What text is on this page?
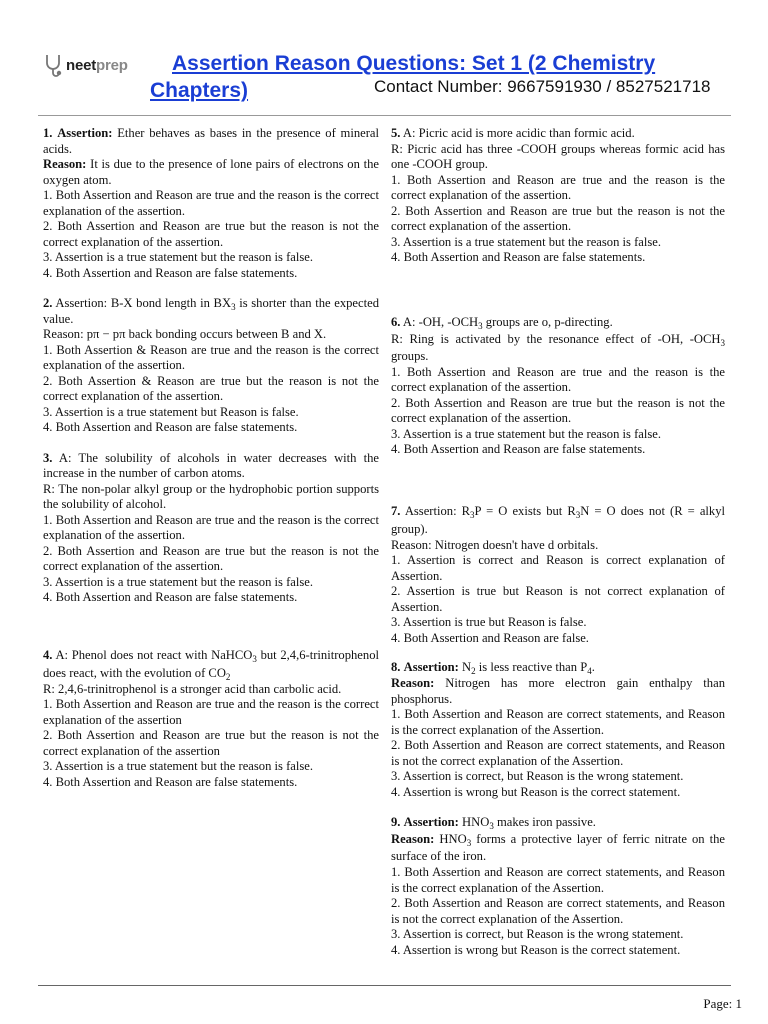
neetprep	Assertion Reason Questions: Set 1 (2 Chemistry
Chapters)	Contact Number: 9667591930 / 8527521718

1. Assertion: Ether behaves as bases in the presence of mineral acids.

Reason: It is due to the presence of lone pairs of electrons on the oxygen atom.

1. Both Assertion and Reason are true and the reason is the correct explanation of the assertion.

2. Both Assertion and Reason are true but the reason is not the correct explanation of the assertion.

3. Assertion is a true statement but the reason is false.

4. Both Assertion and Reason are false statements.

2. Assertion: B-X bond length in $BX_3$ is shorter than the expected value.

Reason: pπ − pπ back bonding occurs between B and X.

1. Both Assertion & Reason are true and the reason is the correct explanation of the assertion.

2. Both Assertion & Reason are true but the reason is not the correct explanation of the assertion.

3. Assertion is a true statement but Reason is false.

4. Both Assertion and Reason are false statements.

3. A: The solubility of alcohols in water decreases with the increase in the number of carbon atoms.

R: The non-polar alkyl group or the hydrophobic portion supports the solubility of alcohol.

1. Both Assertion and Reason are true and the reason is the correct explanation of the assertion.

2. Both Assertion and Reason are true but the reason is not the correct explanation of the assertion.

3. Assertion is a true statement but the reason is false.

4. Both Assertion and Reason are false statements.

4. A: Phenol does not react with NaHCO$_3$ but 2,4,6-trinitrophenol does react, with the evolution of $CO_2$

R: 2,4,6-trinitrophenol is a stronger acid than carbolic acid.

1. Both Assertion and Reason are true and the reason is the correct explanation of the assertion

2. Both Assertion and Reason are true but the reason is not the correct explanation of the assertion

3. Assertion is a true statement but the reason is false.

4. Both Assertion and Reason are false statements.

5. A: Picric acid is more acidic than formic acid.

R: Picric acid has three -COOH groups whereas formic acid has one -COOH group.

1. Both Assertion and Reason are true and the reason is the correct explanation of the assertion.

2. Both Assertion and Reason are true but the reason is not the correct explanation of the assertion.

3. Assertion is a true statement but the reason is false.

4. Both Assertion and Reason are false statements.

6. A: -OH, $-OCH_3$ groups are o, p-directing.

R: Ring is activated by the resonance effect of -OH, $-OCH_3$ groups.

1. Both Assertion and Reason are true and the reason is the correct explanation of the assertion.

2. Both Assertion and Reason are true but the reason is not the correct explanation of the assertion.

3. Assertion is a true statement but the reason is false.

4. Both Assertion and Reason are false statements.

7. Assertion: $R_3P = O$ exists but $R_3N = O$ does not (R = alkyl group).

Reason: Nitrogen doesn't have d orbitals.

1. Assertion is correct and Reason is correct explanation of Assertion.

2. Assertion is true but Reason is not correct explanation of Assertion.

3. Assertion is true but Reason is false.

4. Both Assertion and Reason are false.

8. Assertion: $N_2$ is less reactive than $P_4$.

Reason: Nitrogen has more electron gain enthalpy than phosphorus.

1. Both Assertion and Reason are correct statements, and Reason is the correct explanation of the Assertion.

2. Both Assertion and Reason are correct statements, and Reason is not the correct explanation of the Assertion.

3. Assertion is correct, but Reason is the wrong statement.

4. Assertion is wrong but Reason is the correct statement.

9. Assertion: $HNO_3$ makes iron passive.

Reason: $HNO_3$ forms a protective layer of ferric nitrate on the surface of the iron.

1. Both Assertion and Reason are correct statements, and Reason is the correct explanation of the Assertion.

2. Both Assertion and Reason are correct statements, and Reason is not the correct explanation of the Assertion.

3. Assertion is correct, but Reason is the wrong statement.

4. Assertion is wrong but Reason is the correct statement.

Page: 1
